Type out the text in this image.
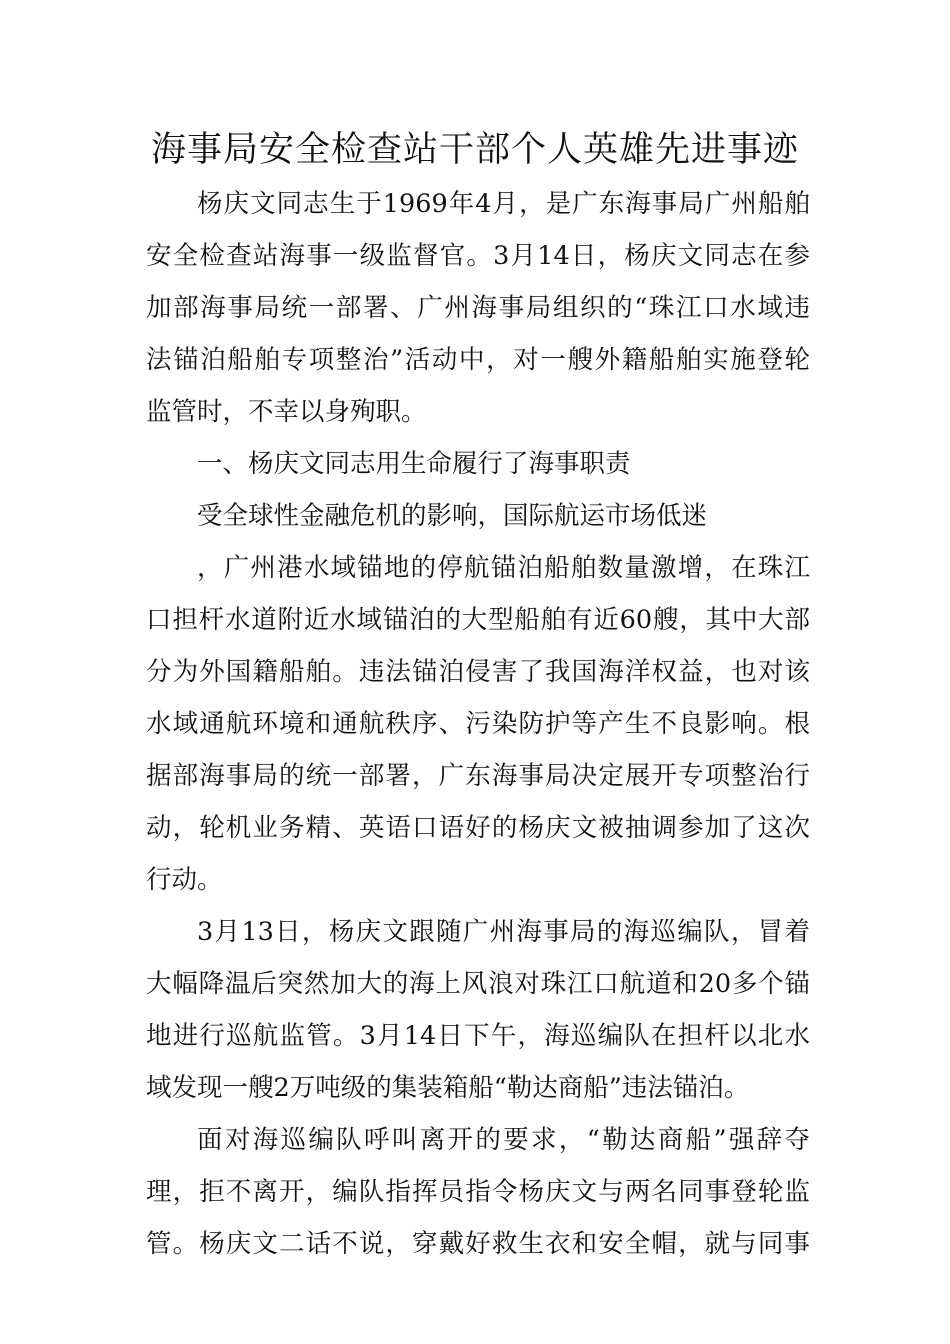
海事局安全检查站干部个人英雄先进事迹
杨庆文同志生于1969年4月，是广东海事局广州船舶
安全检查站海事一级监督官。3月14日，杨庆文同志在参
加部海事局统一部署、广州海事局组织的“珠江口水域违
法锚泊船舶专项整治”活动中，对一艘外籍船舶实施登轮
监管时，不幸以身殉职。
一、杨庆文同志用生命履行了海事职责
受全球性金融危机的影响，国际航运市场低迷
，广州港水域锚地的停航锚泊船舶数量激增，在珠江
口担杆水道附近水域锚泊的大型船舶有近60艘，其中大部
分为外国籍船舶。违法锚泊侵害了我国海洋权益，也对该
水域通航环境和通航秩序、污染防护等产生不良影响。根
据部海事局的统一部署，广东海事局决定展开专项整治行
动，轮机业务精、英语口语好的杨庆文被抽调参加了这次
行动。
3月13日，杨庆文跟随广州海事局的海巡编队，冒着
大幅降温后突然加大的海上风浪对珠江口航道和20多个锚
地进行巡航监管。3月14日下午，海巡编队在担杆以北水
域发现一艘2万吨级的集装箱船“勒达商船”违法锚泊。
面对海巡编队呼叫离开的要求，“勒达商船”强辞夺
理，拒不离开，编队指挥员指令杨庆文与两名同事登轮监
管。杨庆文二话不说，穿戴好救生衣和安全帽，就与同事
